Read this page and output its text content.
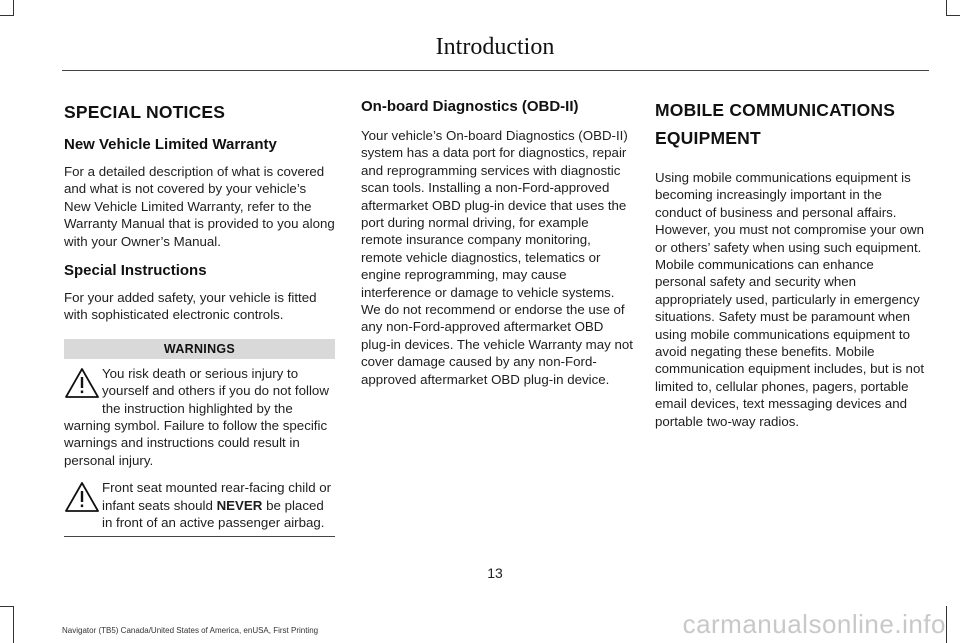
Introduction
SPECIAL NOTICES
New Vehicle Limited Warranty

For a detailed description of what is covered and what is not covered by your vehicle’s New Vehicle Limited Warranty, refer to the Warranty Manual that is provided to you along with your Owner’s Manual.

Special Instructions

For your added safety, your vehicle is fitted with sophisticated electronic controls.

WARNINGS
You risk death or serious injury to yourself and others if you do not follow the instruction highlighted by the warning symbol. Failure to follow the specific warnings and instructions could result in personal injury.
Front seat mounted rear-facing child or infant seats should NEVER be placed in front of an active passenger airbag.
On-board Diagnostics (OBD-II)

Your vehicle’s On-board Diagnostics (OBD-II) system has a data port for diagnostics, repair and reprogramming services with diagnostic scan tools. Installing a non-Ford-approved aftermarket OBD plug-in device that uses the port during normal driving, for example remote insurance company monitoring, remote vehicle diagnostics, telematics or engine reprogramming, may cause interference or damage to vehicle systems. We do not recommend or endorse the use of any non-Ford-approved aftermarket OBD plug-in devices. The vehicle Warranty may not cover damage caused by any non-Ford-approved aftermarket OBD plug-in device.

MOBILE COMMUNICATIONS
EQUIPMENT

Using mobile communications equipment is becoming increasingly important in the conduct of business and personal affairs. However, you must not compromise your own or others’ safety when using such equipment. Mobile communications can enhance personal safety and security when appropriately used, particularly in emergency situations. Safety must be paramount when using mobile communications equipment to avoid negating these benefits. Mobile communication equipment includes, but is not limited to, cellular phones, pagers, portable email devices, text messaging devices and portable two-way radios.

13
Navigator (TB5) Canada/United States of America, enUSA, First Printing	carmanualsonline.info
